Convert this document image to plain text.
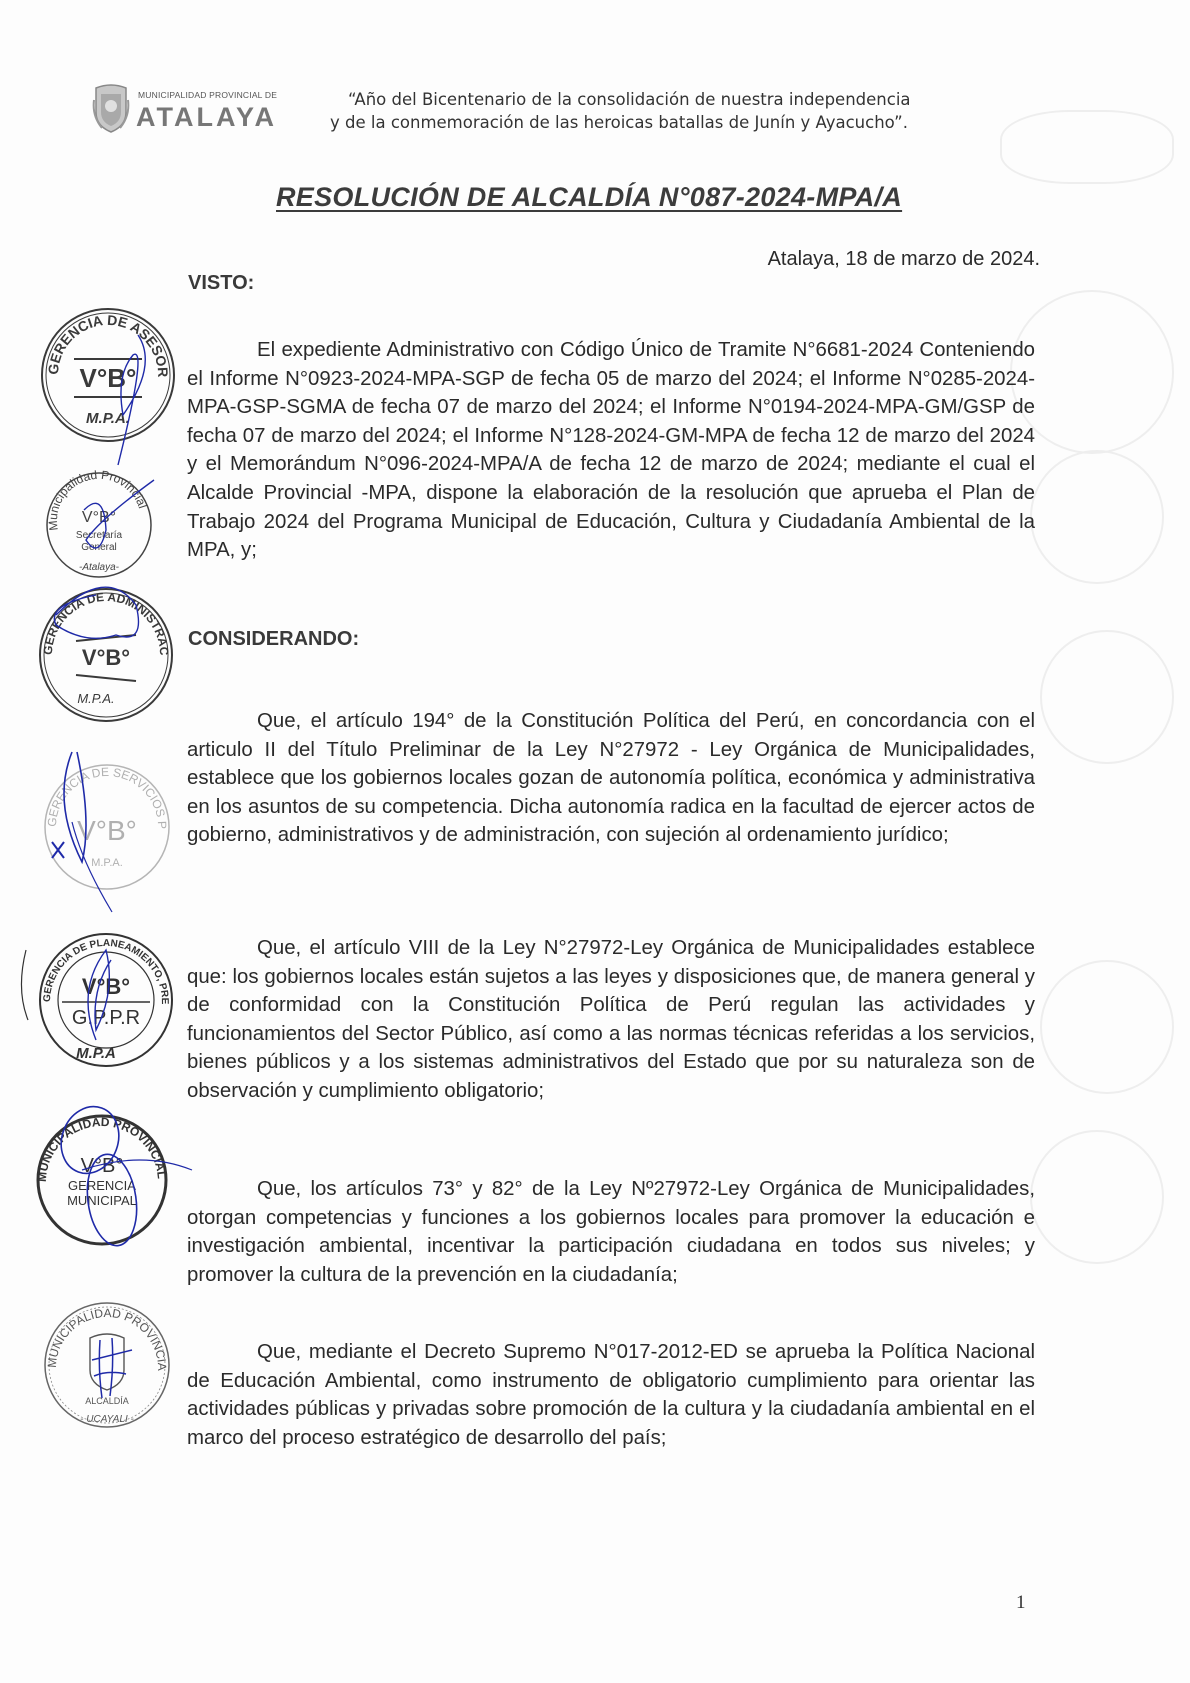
MUNICIPALIDAD PROVINCIAL DE
ATALAYA
“Año del Bicentenario de la consolidación de nuestra independencia
y de la conmemoración de las heroicas batallas de Junín y Ayacucho”.
RESOLUCIÓN DE ALCALDÍA N°087-2024-MPA/A
Atalaya, 18 de marzo de 2024.
VISTO:
El expediente Administrativo con Código Único de Tramite N°6681-2024 Conteniendo el Informe N°0923-2024-MPA-SGP de fecha 05 de marzo del 2024; el Informe N°0285-2024-MPA-GSP-SGMA de fecha 07 de marzo del 2024; el Informe N°0194-2024-MPA-GM/GSP de fecha 07 de marzo del 2024; el Informe N°128-2024-GM-MPA de fecha 12 de marzo del 2024 y el Memorándum N°096-2024-MPA/A de fecha 12 de marzo de 2024; mediante el cual el Alcalde Provincial -MPA, dispone la elaboración de la resolución que aprueba el Plan de Trabajo 2024 del Programa Municipal de Educación, Cultura y Ciudadanía Ambiental de la MPA, y;
CONSIDERANDO:
Que, el artículo 194° de la Constitución Política del Perú, en concordancia con el articulo II del Título Preliminar de la Ley N°27972 - Ley Orgánica de Municipalidades, establece que los gobiernos locales gozan de autonomía política, económica y administrativa en los asuntos de su competencia. Dicha autonomía radica en la facultad de ejercer actos de gobierno, administrativos y de administración, con sujeción al ordenamiento jurídico;
Que, el artículo VIII de la Ley N°27972-Ley Orgánica de Municipalidades establece que: los gobiernos locales están sujetos a las leyes y disposiciones que, de manera general y de conformidad con la Constitución Política de Perú regulan las actividades y funcionamientos del Sector Público, así como a las normas técnicas referidas a los servicios, bienes públicos y a los sistemas administrativos del Estado que por su naturaleza son de observación y cumplimiento obligatorio;
Que, los artículos 73° y 82° de la Ley Nº27972-Ley Orgánica de Municipalidades, otorgan competencias y funciones a los gobiernos locales para promover la educación e investigación ambiental, incentivar la participación ciudadana en todos sus niveles; y promover la cultura de la prevención en la ciudadanía;
Que, mediante el Decreto Supremo N°017-2012-ED se aprueba la Política Nacional de Educación Ambiental, como instrumento de obligatorio cumplimiento para orientar las actividades públicas y privadas sobre promoción de la cultura y la ciudadanía ambiental en el marco del proceso estratégico de desarrollo del país;
GERENCIA DE ASESORIA JURIDICA
V°B°
M.P.A.
Municipalidad Provincial
V°B°
Secretaría
General
-Atalaya-
GERENCIA DE ADMINISTRACIÓN Y FINANZAS
V°B°
M.P.A.
GERENCIA DE SERVICIOS PUBLICOS
V°B°
M.P.A.
GERENCIA DE PLANEAMIENTO, PRESUPUESTO Y RACIONALIZACION
V°B°
G.P.P.R
M.P.A
MUNICIPALIDAD PROVINCIAL DE ATALAYA
V°B°
GERENCIA
MUNICIPAL
MUNICIPALIDAD PROVINCIAL DE ATALAYA
ALCALDÍA
- UCAYALI -
1
